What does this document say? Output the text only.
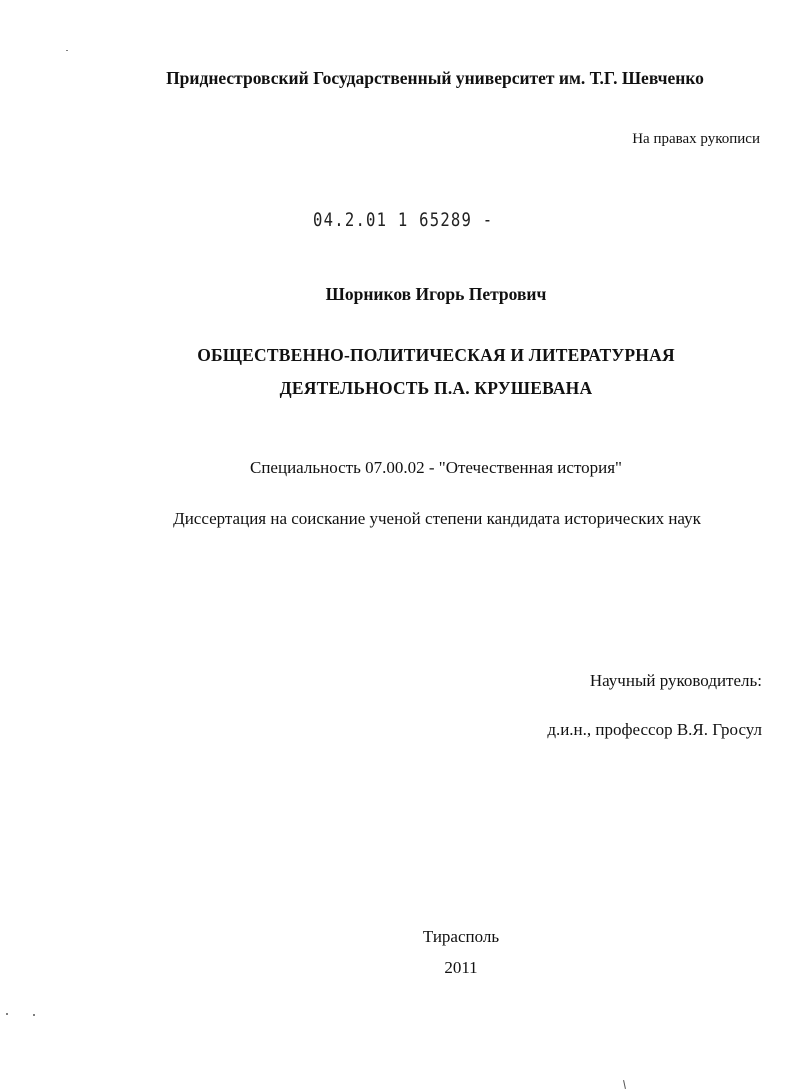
Приднестровский Государственный университет им. Т.Г. Шевченко
На правах рукописи
04.2.01 1 65289 -
Шорников Игорь Петрович
ОБЩЕСТВЕННО-ПОЛИТИЧЕСКАЯ И ЛИТЕРАТУРНАЯ
ДЕЯТЕЛЬНОСТЬ П.А. КРУШЕВАНА
Специальность 07.00.02 - "Отечественная история"
Диссертация на соискание ученой степени кандидата исторических наук
Научный руководитель:
д.и.н., профессор В.Я. Гросул
Тирасполь
2011
